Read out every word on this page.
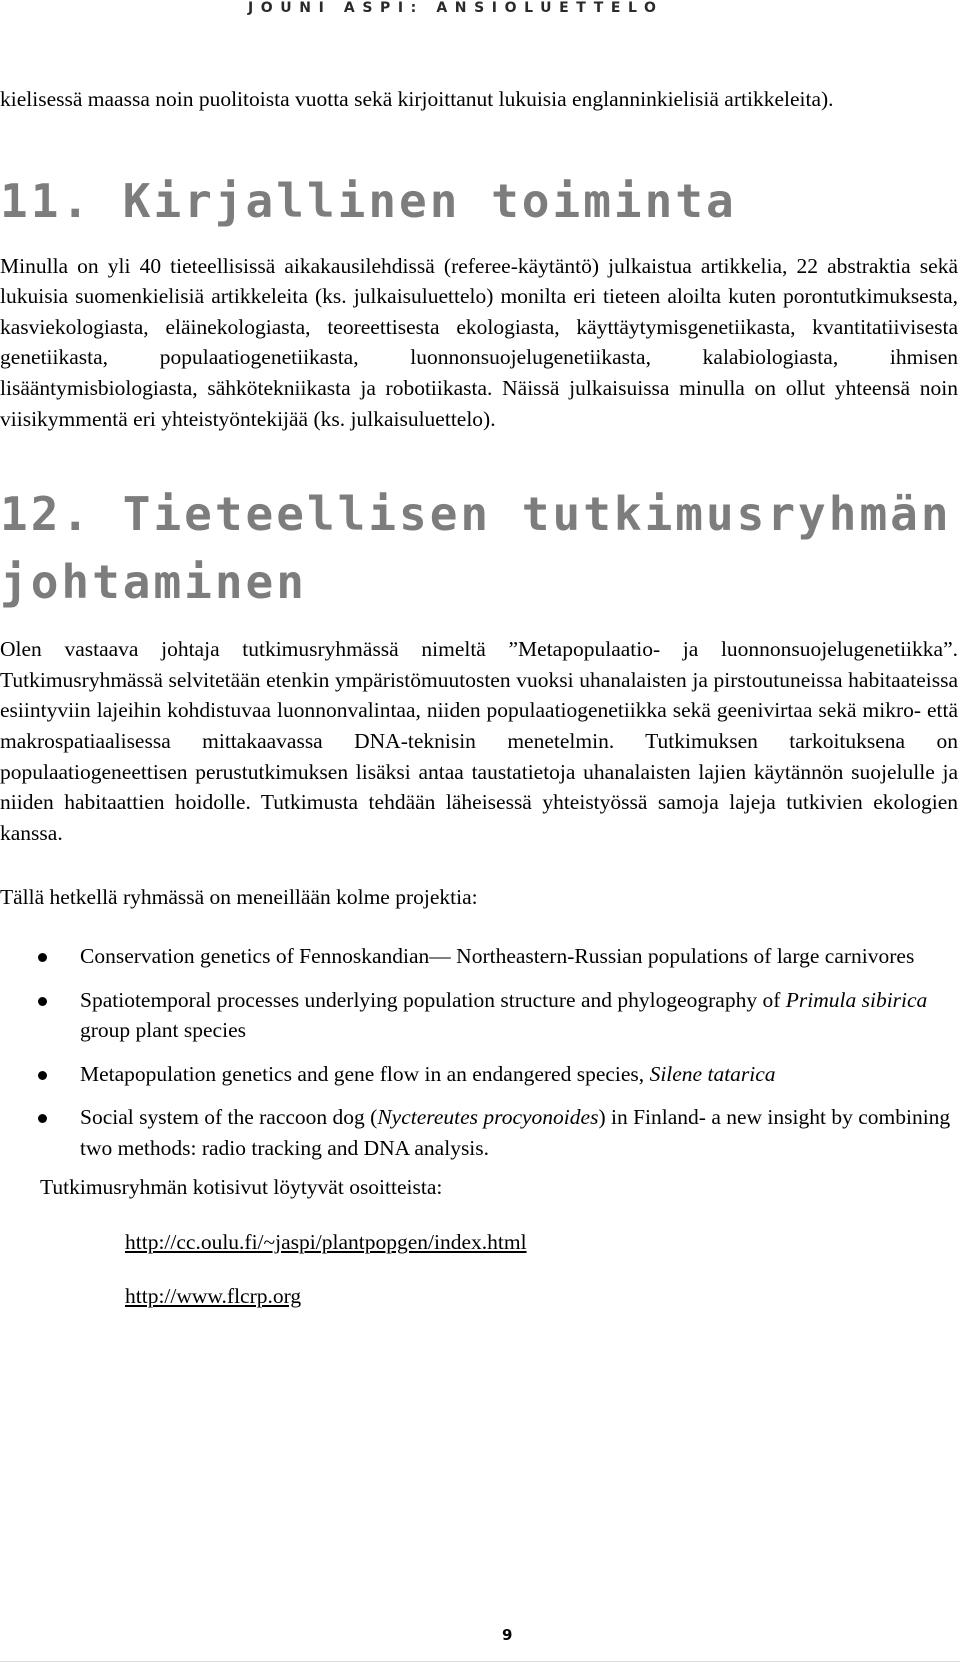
JOUNI ASPI: ANSIOLUETTELO

kielisessä maassa noin puolitoista vuotta sekä kirjoittanut lukuisia englanninkielisiä artikkeleita).

11. Kirjallinen toiminta

Minulla on yli 40 tieteellisissä aikakausilehdissä (referee-käytäntö) julkaistua artikkelia, 22 abstraktia sekä lukuisia suomenkielisiä artikkeleita (ks. julkaisuluettelo) monilta eri tieteen aloilta kuten porontutkimuksesta, kasviekologiasta, eläinekologiasta, teoreettisesta ekologiasta, käyttäytymisgenetiikasta, kvantitatiivisesta genetiikasta, populaatiogenetiikasta, luonnonsuojelugenetiikasta, kalabiologiasta, ihmisen lisääntymisbiologiasta, sähkötekniikasta ja robotiikasta. Näissä julkaisuissa minulla on ollut yhteensä noin viisikymmentä eri yhteistyöntekijää (ks. julkaisuluettelo).

12. Tieteellisen tutkimusryhmän johtaminen

Olen vastaava johtaja tutkimusryhmässä nimeltä ”Metapopulaatio- ja luonnonsuojelugenetiikka”. Tutkimusryhmässä selvitetään etenkin ympäristömuutosten vuoksi uhanalaisten ja pirstoutuneissa habitaateissa esiintyviin lajeihin kohdistuvaa luonnonvalintaa, niiden populaatiogenetiikka sekä geenivirtaa sekä mikro- että makrospatiaalisessa mittakaavassa DNA-teknisin menetelmin. Tutkimuksen tarkoituksena on populaatiogeneettisen perustutkimuksen lisäksi antaa taustatietoja uhanalaisten lajien käytännön suojelulle ja niiden habitaattien hoidolle. Tutkimusta tehdään läheisessä yhteistyössä samoja lajeja tutkivien ekologien kanssa.

Tällä hetkellä ryhmässä on meneillään kolme projektia:

Conservation genetics of Fennoskandian— Northeastern-Russian populations of large carnivores
Spatiotemporal processes underlying population structure and phylogeography of Primula sibirica group plant species
Metapopulation genetics and gene flow in an endangered species, Silene tatarica
Social system of the raccoon dog (Nyctereutes procyonoides) in Finland- a new insight by combining two methods: radio tracking and DNA analysis.

Tutkimusryhmän kotisivut löytyvät osoitteista:

http://cc.oulu.fi/~jaspi/plantpopgen/index.html
http://www.flcrp.org
9
